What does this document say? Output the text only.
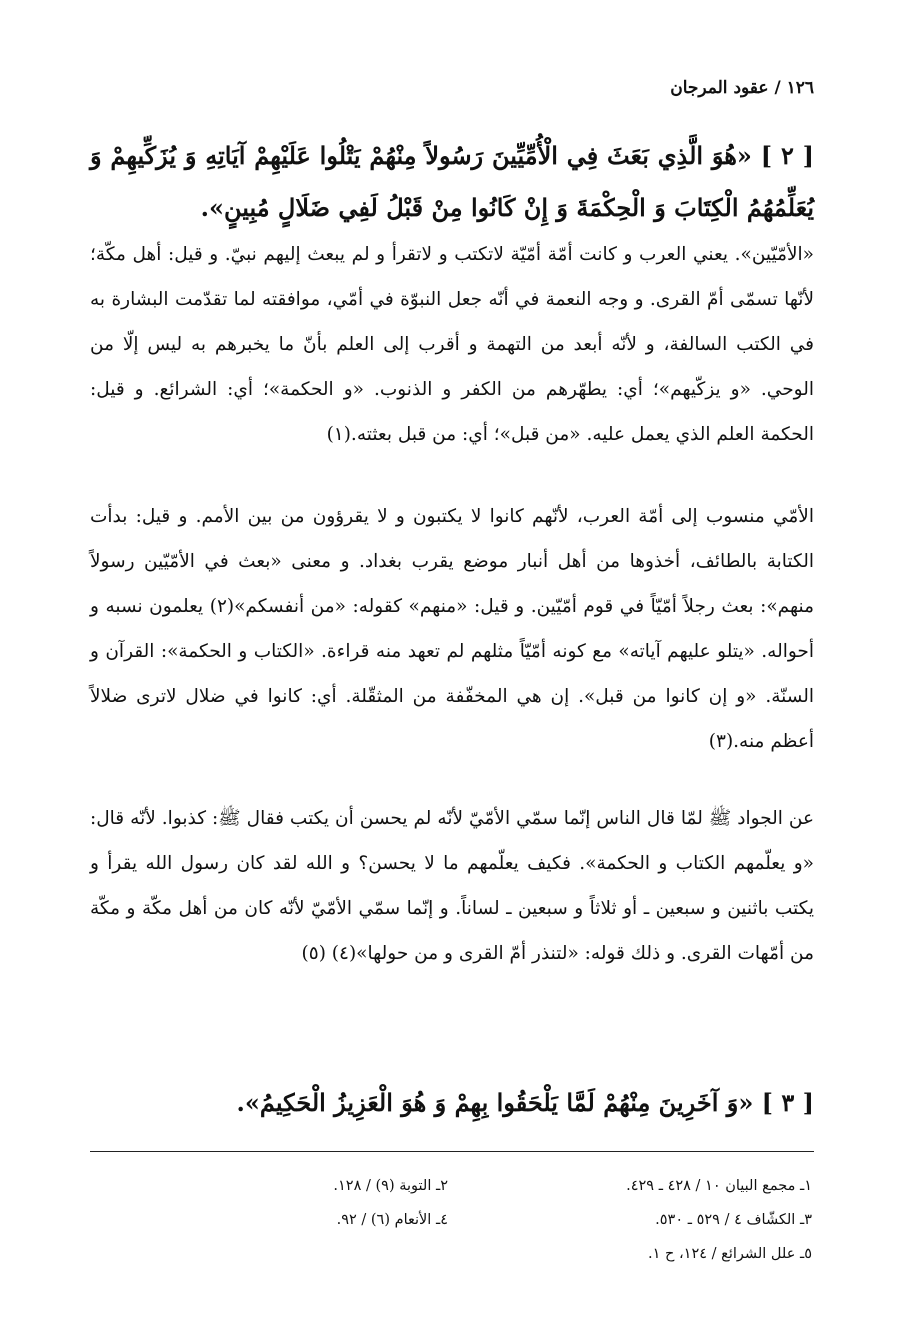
١٢٦ / عقود المرجان
[ ٢ ] «هُوَ الَّذِي بَعَثَ فِي الْأُمِّيِّينَ رَسُولاً مِنْهُمْ يَتْلُوا عَلَيْهِمْ آيَاتِهِ وَ يُزَكِّيهِمْ وَ يُعَلِّمُهُمُ الْكِتَابَ وَ الْحِكْمَةَ وَ إِنْ كَانُوا مِنْ قَبْلُ لَفِي ضَلَالٍ مُبِينٍ».
«الأمّيّين». يعني العرب و كانت أمّة أمّيّة لاتكتب و لاتقرأ و لم يبعث إليهم نبيّ. و قيل: أهل مكّة؛ لأنّها تسمّى أمّ القرى. و وجه النعمة في أنّه جعل النبوّة في أمّي، موافقته لما تقدّمت البشارة به في الكتب السالفة، و لأنّه أبعد من التهمة و أقرب إلى العلم بأنّ ما يخبرهم به ليس إلّا من الوحي. «و يزكّيهم»؛ أي: يطهّرهم من الكفر و الذنوب. «و الحكمة»؛ أي: الشرائع. و قيل: الحكمة العلم الذي يعمل عليه. «من قبل»؛ أي: من قبل بعثته.(١)
الأمّي منسوب إلى أمّة العرب، لأنّهم كانوا لا يكتبون و لا يقرؤون من بين الأمم. و قيل: بدأت الكتابة بالطائف، أخذوها من أهل أنبار موضع يقرب بغداد. و معنى «بعث في الأمّيّين رسولاً منهم»: بعث رجلاً أمّيّاً في قوم أمّيّين. و قيل: «منهم» كقوله: «من أنفسكم»(٢) يعلمون نسبه و أحواله. «يتلو عليهم آياته» مع كونه أمّيّاً مثلهم لم تعهد منه قراءة. «الكتاب و الحكمة»: القرآن و السنّة. «و إن كانوا من قبل». إن هي المخفّفة من المثقّلة. أي: كانوا في ضلال لاترى ضلالاً أعظم منه.(٣)
عن الجواد ﷺ لمّا قال الناس إنّما سمّي الأمّيّ لأنّه لم يحسن أن يكتب فقال ﷺ: كذبوا. لأنّه قال: «و يعلّمهم الكتاب و الحكمة». فكيف يعلّمهم ما لا يحسن؟ و الله لقد كان رسول الله يقرأ و يكتب باثنين و سبعين ـ أو ثلاثاً و سبعين ـ لساناً. و إنّما سمّي الأمّيّ لأنّه كان من أهل مكّة و مكّة من أمّهات القرى. و ذلك قوله: «لتنذر أمّ القرى و من حولها»(٤) (٥)
[ ٣ ] «وَ آخَرِينَ مِنْهُمْ لَمَّا يَلْحَقُوا بِهِمْ وَ هُوَ الْعَزِيزُ الْحَكِيمُ».
١ـ مجمع البيان ١٠ / ٤٢٨ ـ ٤٢٩.
٢ـ التوبة (٩) / ١٢٨.
٣ـ الكشّاف ٤ / ٥٢٩ ـ ٥٣٠.
٤ـ الأنعام (٦) / ٩٢.
٥ـ علل الشرائع / ١٢٤، ح ١.
